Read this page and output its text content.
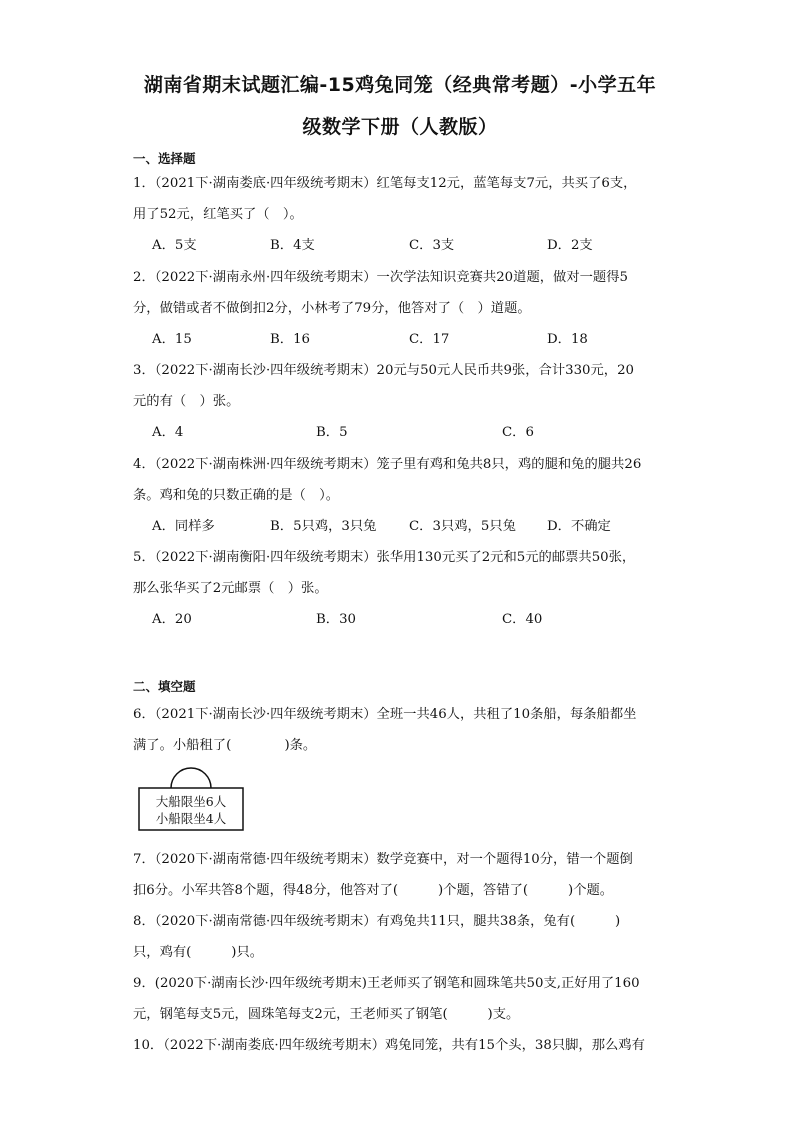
湖南省期末试题汇编-15鸡兔同笼（经典常考题）-小学五年
级数学下册（人教版）
一、选择题
1．（2021下·湖南娄底·四年级统考期末）红笔每支12元，蓝笔每支7元，共买了6支，
用了52元，红笔买了（　）。
A．5支	B．4支	C．3支	D．2支
2．（2022下·湖南永州·四年级统考期末）一次学法知识竞赛共20道题，做对一题得5
分，做错或者不做倒扣2分，小林考了79分，他答对了（　）道题。
A．15	B．16	C．17	D．18
3．（2022下·湖南长沙·四年级统考期末）20元与50元人民币共9张，合计330元，20
元的有（　）张。
A．4	B．5	C．6
4．（2022下·湖南株洲·四年级统考期末）笼子里有鸡和兔共8只，鸡的腿和兔的腿共26
条。鸡和兔的只数正确的是（　）。
A．同样多	B．5只鸡，3只兔 C．3只鸡，5只兔 D．不确定
5．（2022下·湖南衡阳·四年级统考期末）张华用130元买了2元和5元的邮票共50张，
那么张华买了2元邮票（　）张。
A．20	B．30	C．40
二、填空题
6．（2021下·湖南长沙·四年级统考期末）全班一共46人，共租了10条船，每条船都坐
满了。小船租了(　　　　)条。
大船限坐6人
小船限坐4人
7．（2020下·湖南常德·四年级统考期末）数学竞赛中，对一个题得10分，错一个题倒
扣6分。小军共答8个题，得48分，他答对了(　　　)个题，答错了(　　　)个题。
8．（2020下·湖南常德·四年级统考期末）有鸡兔共11只，腿共38条，兔有(　　　)
只，鸡有(　　　)只。
9．(2020下·湖南长沙·四年级统考期末)王老师买了钢笔和圆珠笔共50支,正好用了160
元，钢笔每支5元，圆珠笔每支2元，王老师买了钢笔(　　　)支。
10．（2022下·湖南娄底·四年级统考期末）鸡兔同笼，共有15个头，38只脚，那么鸡有
